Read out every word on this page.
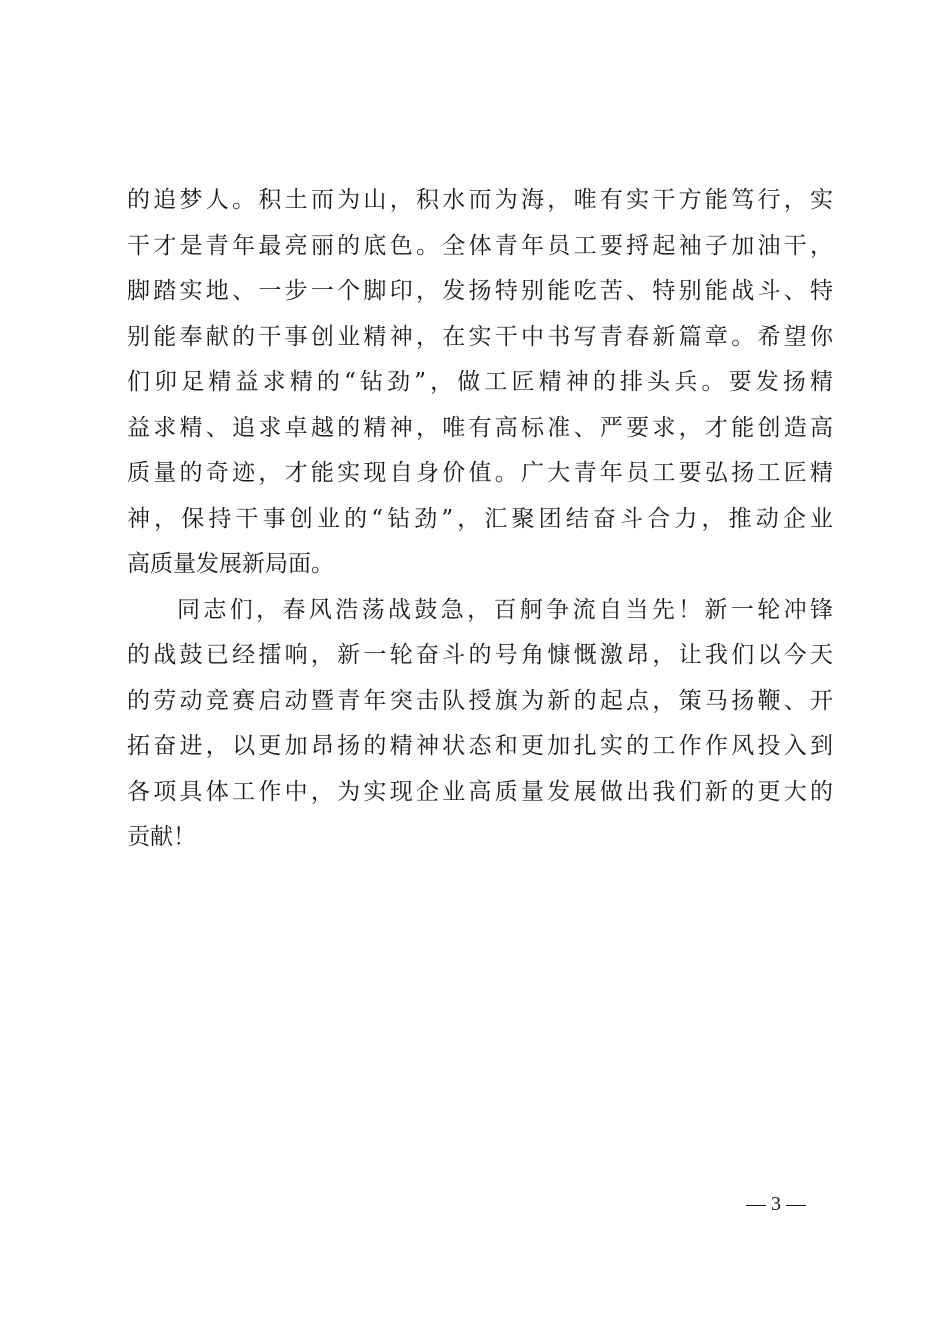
的追梦人。积土而为山，积水而为海，唯有实干方能笃行，实
干才是青年最亮丽的底色。全体青年员工要捋起袖子加油干，
脚踏实地、一步一个脚印，发扬特别能吃苦、特别能战斗、特
别能奉献的干事创业精神，在实干中书写青春新篇章。希望你
们卯足精益求精的“钻劲”，做工匠精神的排头兵。要发扬精
益求精、追求卓越的精神，唯有高标准、严要求，才能创造高
质量的奇迹，才能实现自身价值。广大青年员工要弘扬工匠精
神，保持干事创业的“钻劲”，汇聚团结奋斗合力，推动企业
高质量发展新局面。
同志们，春风浩荡战鼓急，百舸争流自当先！新一轮冲锋
的战鼓已经擂响，新一轮奋斗的号角慷慨激昂，让我们以今天
的劳动竞赛启动暨青年突击队授旗为新的起点，策马扬鞭、开
拓奋进，以更加昂扬的精神状态和更加扎实的工作作风投入到
各项具体工作中，为实现企业高质量发展做出我们新的更大的
贡献！
— 3 —
